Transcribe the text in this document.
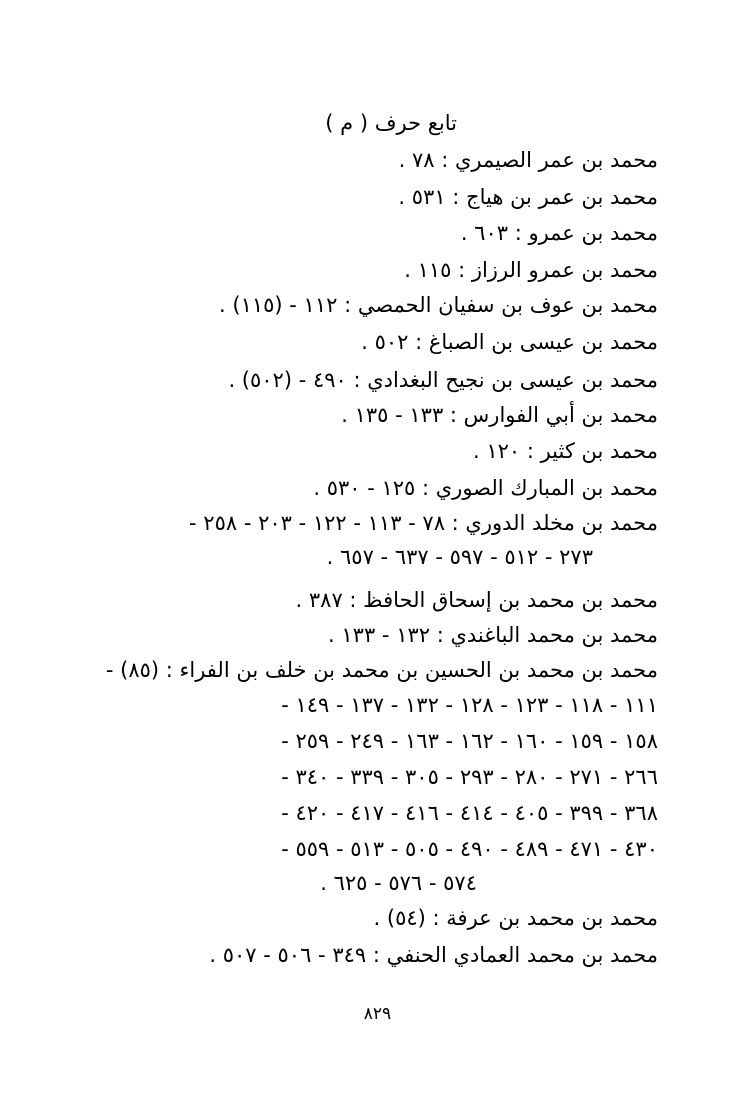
تابع حرف ( م )
محمد بن عمر الصيمري : ٧٨ .
محمد بن عمر بن هياج : ٥٣١ .
محمد بن عمرو : ٦٠٣ .
محمد بن عمرو الرزاز : ١١٥ .
محمد بن عوف بن سفيان الحمصي : ١١٢ - (١١٥) .
محمد بن عيسى بن الصباغ : ٥٠٢ .
محمد بن عيسى بن نجيح البغدادي : ٤٩٠ - (٥٠٢) .
محمد بن أبي الفوارس : ١٣٣ - ١٣٥ .
محمد بن كثير : ١٢٠ .
محمد بن المبارك الصوري : ١٢٥ - ٥٣٠ .
محمد بن مخلد الدوري : ٧٨ - ١١٣ - ١٢٢ - ٢٠٣ - ٢٥٨ -
٢٧٣ - ٥١٢ - ٥٩٧ - ٦٣٧ - ٦٥٧ .
محمد بن محمد بن إسحاق الحافظ : ٣٨٧ .
محمد بن محمد الباغندي : ١٣٢ - ١٣٣ .
محمد بن محمد بن الحسين بن محمد بن خلف بن الفراء : (٨٥) -
١١١ - ١١٨ - ١٢٣ - ١٢٨ - ١٣٢ - ١٣٧ - ١٤٩ -
١٥٨ - ١٥٩ - ١٦٠ - ١٦٢ - ١٦٣ - ٢٤٩ - ٢٥٩ -
٢٦٦ - ٢٧١ - ٢٨٠ - ٢٩٣ - ٣٠٥ - ٣٣٩ - ٣٤٠ -
٣٦٨ - ٣٩٩ - ٤٠٥ - ٤١٤ - ٤١٦ - ٤١٧ - ٤٢٠ -
٤٣٠ - ٤٧١ - ٤٨٩ - ٤٩٠ - ٥٠٥ - ٥١٣ - ٥٥٩ -
٥٧٤ - ٥٧٦ - ٦٢٥ .
محمد بن محمد بن عرفة : (٥٤) .
محمد بن محمد العمادي الحنفي : ٣٤٩ - ٥٠٦ - ٥٠٧ .
٨٢٩
